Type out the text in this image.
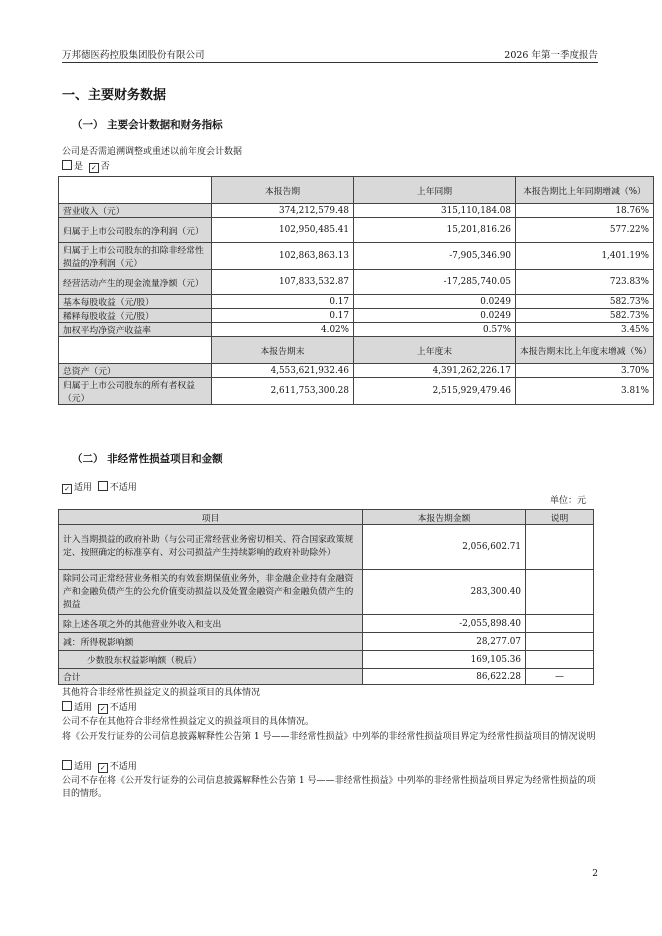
万邦德医药控股集团股份有限公司	2026 年第一季度报告
一、主要财务数据
（一） 主要会计数据和财务指标
公司是否需追溯调整或重述以前年度会计数据
是 ✓ 否
	本报告期	上年同期	本报告期比上年同期增减（%）
营业收入（元）	374,212,579.48	315,110,184.08	18.76%
归属于上市公司股东的净利润（元）	102,950,485.41	15,201,816.26	577.22%
归属于上市公司股东的扣除非经常性损益的净利润（元）	102,863,863.13	-7,905,346.90	1,401.19%
经营活动产生的现金流量净额（元）	107,833,532.87	-17,285,740.05	723.83%
基本每股收益（元/股）	0.17	0.0249	582.73%
稀释每股收益（元/股）	0.17	0.0249	582.73%
加权平均净资产收益率	4.02%	0.57%	3.45%
	本报告期末	上年度末	本报告期末比上年度末增减（%）
总资产（元）	4,553,621,932.46	4,391,262,226.17	3.70%
归属于上市公司股东的所有者权益（元）	2,611,753,300.28	2,515,929,479.46	3.81%
（二） 非经常性损益项目和金额
✓ 适用 不适用
单位：元
项目	本报告期金额	说明
计入当期损益的政府补助（与公司正常经营业务密切相关、符合国家政策规定、按照确定的标准享有、对公司损益产生持续影响的政府补助除外）	2,056,602.71	
除同公司正常经营业务相关的有效套期保值业务外，非金融企业持有金融资产和金融负债产生的公允价值变动损益以及处置金融资产和金融负债产生的损益	283,300.40	
除上述各项之外的其他营业外收入和支出	-2,055,898.40	
减：所得税影响额	28,277.07	
少数股东权益影响额（税后）	169,105.36	
合计	86,622.28	—
其他符合非经常性损益定义的损益项目的具体情况
适用 ✓ 不适用
公司不存在其他符合非经常性损益定义的损益项目的具体情况。
将《公开发行证券的公司信息披露解释性公告第 1 号——非经常性损益》中列举的非经常性损益项目界定为经常性损益项目的情况说明
适用 ✓ 不适用
公司不存在将《公开发行证券的公司信息披露解释性公告第 1 号——非经常性损益》中列举的非经常性损益项目界定为经常性损益的项目的情形。
2
